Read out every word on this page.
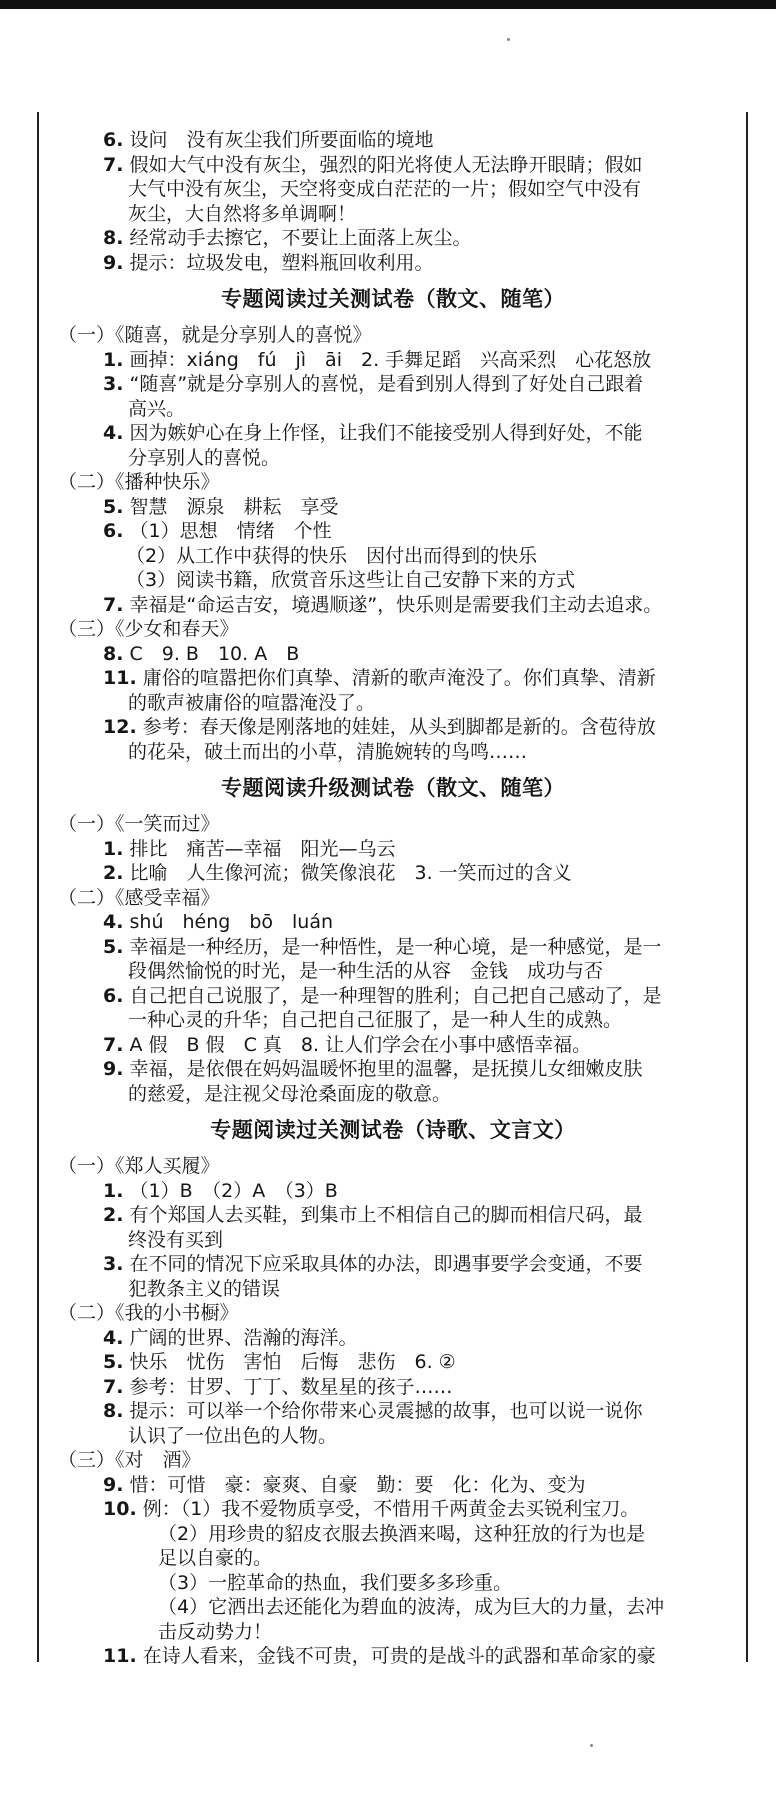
6. 设问　没有灰尘我们所要面临的境地
7. 假如大气中没有灰尘，强烈的阳光将使人无法睁开眼睛；假如
大气中没有灰尘，天空将变成白茫茫的一片；假如空气中没有
灰尘，大自然将多单调啊！
8. 经常动手去擦它，不要让上面落上灰尘。
9. 提示：垃圾发电，塑料瓶回收利用。
专题阅读过关测试卷（散文、随笔）
（一）《随喜，就是分享别人的喜悦》
1. 画掉：xiáng　fú　jì　āi　2. 手舞足蹈　兴高采烈　心花怒放
3. “随喜”就是分享别人的喜悦，是看到别人得到了好处自己跟着
高兴。
4. 因为嫉妒心在身上作怪，让我们不能接受别人得到好处，不能
分享别人的喜悦。
（二）《播种快乐》
5. 智慧　源泉　耕耘　享受
6. （1）思想　情绪　个性
（2）从工作中获得的快乐　因付出而得到的快乐
（3）阅读书籍，欣赏音乐这些让自己安静下来的方式
7. 幸福是“命运吉安，境遇顺遂”，快乐则是需要我们主动去追求。
（三）《少女和春天》
8. C　9. B　10. A　B
11. 庸俗的喧嚣把你们真挚、清新的歌声淹没了。你们真挚、清新
的歌声被庸俗的喧嚣淹没了。
12. 参考：春天像是刚落地的娃娃，从头到脚都是新的。含苞待放
的花朵，破土而出的小草，清脆婉转的鸟鸣……
专题阅读升级测试卷（散文、随笔）
（一）《一笑而过》
1. 排比　痛苦—幸福　阳光—乌云
2. 比喻　人生像河流；微笑像浪花　3. 一笑而过的含义
（二）《感受幸福》
4. shú　héng　bō　luán
5. 幸福是一种经历，是一种悟性，是一种心境，是一种感觉，是一
段偶然愉悦的时光，是一种生活的从容　金钱　成功与否
6. 自己把自己说服了，是一种理智的胜利；自己把自己感动了，是
一种心灵的升华；自己把自己征服了，是一种人生的成熟。
7. A 假　B 假　C 真　8. 让人们学会在小事中感悟幸福。
9. 幸福，是依偎在妈妈温暖怀抱里的温馨，是抚摸儿女细嫩皮肤
的慈爱，是注视父母沧桑面庞的敬意。
专题阅读过关测试卷（诗歌、文言文）
（一）《郑人买履》
1. （1）B　（2）A　（3）B
2. 有个郑国人去买鞋，到集市上不相信自己的脚而相信尺码，最
终没有买到
3. 在不同的情况下应采取具体的办法，即遇事要学会变通，不要
犯教条主义的错误
（二）《我的小书橱》
4. 广阔的世界、浩瀚的海洋。
5. 快乐　忧伤　害怕　后悔　悲伤　6. ②
7. 参考：甘罗、丁丁、数星星的孩子……
8. 提示：可以举一个给你带来心灵震撼的故事，也可以说一说你
认识了一位出色的人物。
（三）《对　酒》
9. 惜：可惜　豪：豪爽、自豪　勤：要　化：化为、变为
10. 例：（1）我不爱物质享受，不惜用千两黄金去买锐利宝刀。
（2）用珍贵的貂皮衣服去换酒来喝，这种狂放的行为也是
足以自豪的。
（3）一腔革命的热血，我们要多多珍重。
（4）它洒出去还能化为碧血的波涛，成为巨大的力量，去冲
击反动势力！
11. 在诗人看来，金钱不可贵，可贵的是战斗的武器和革命家的豪
